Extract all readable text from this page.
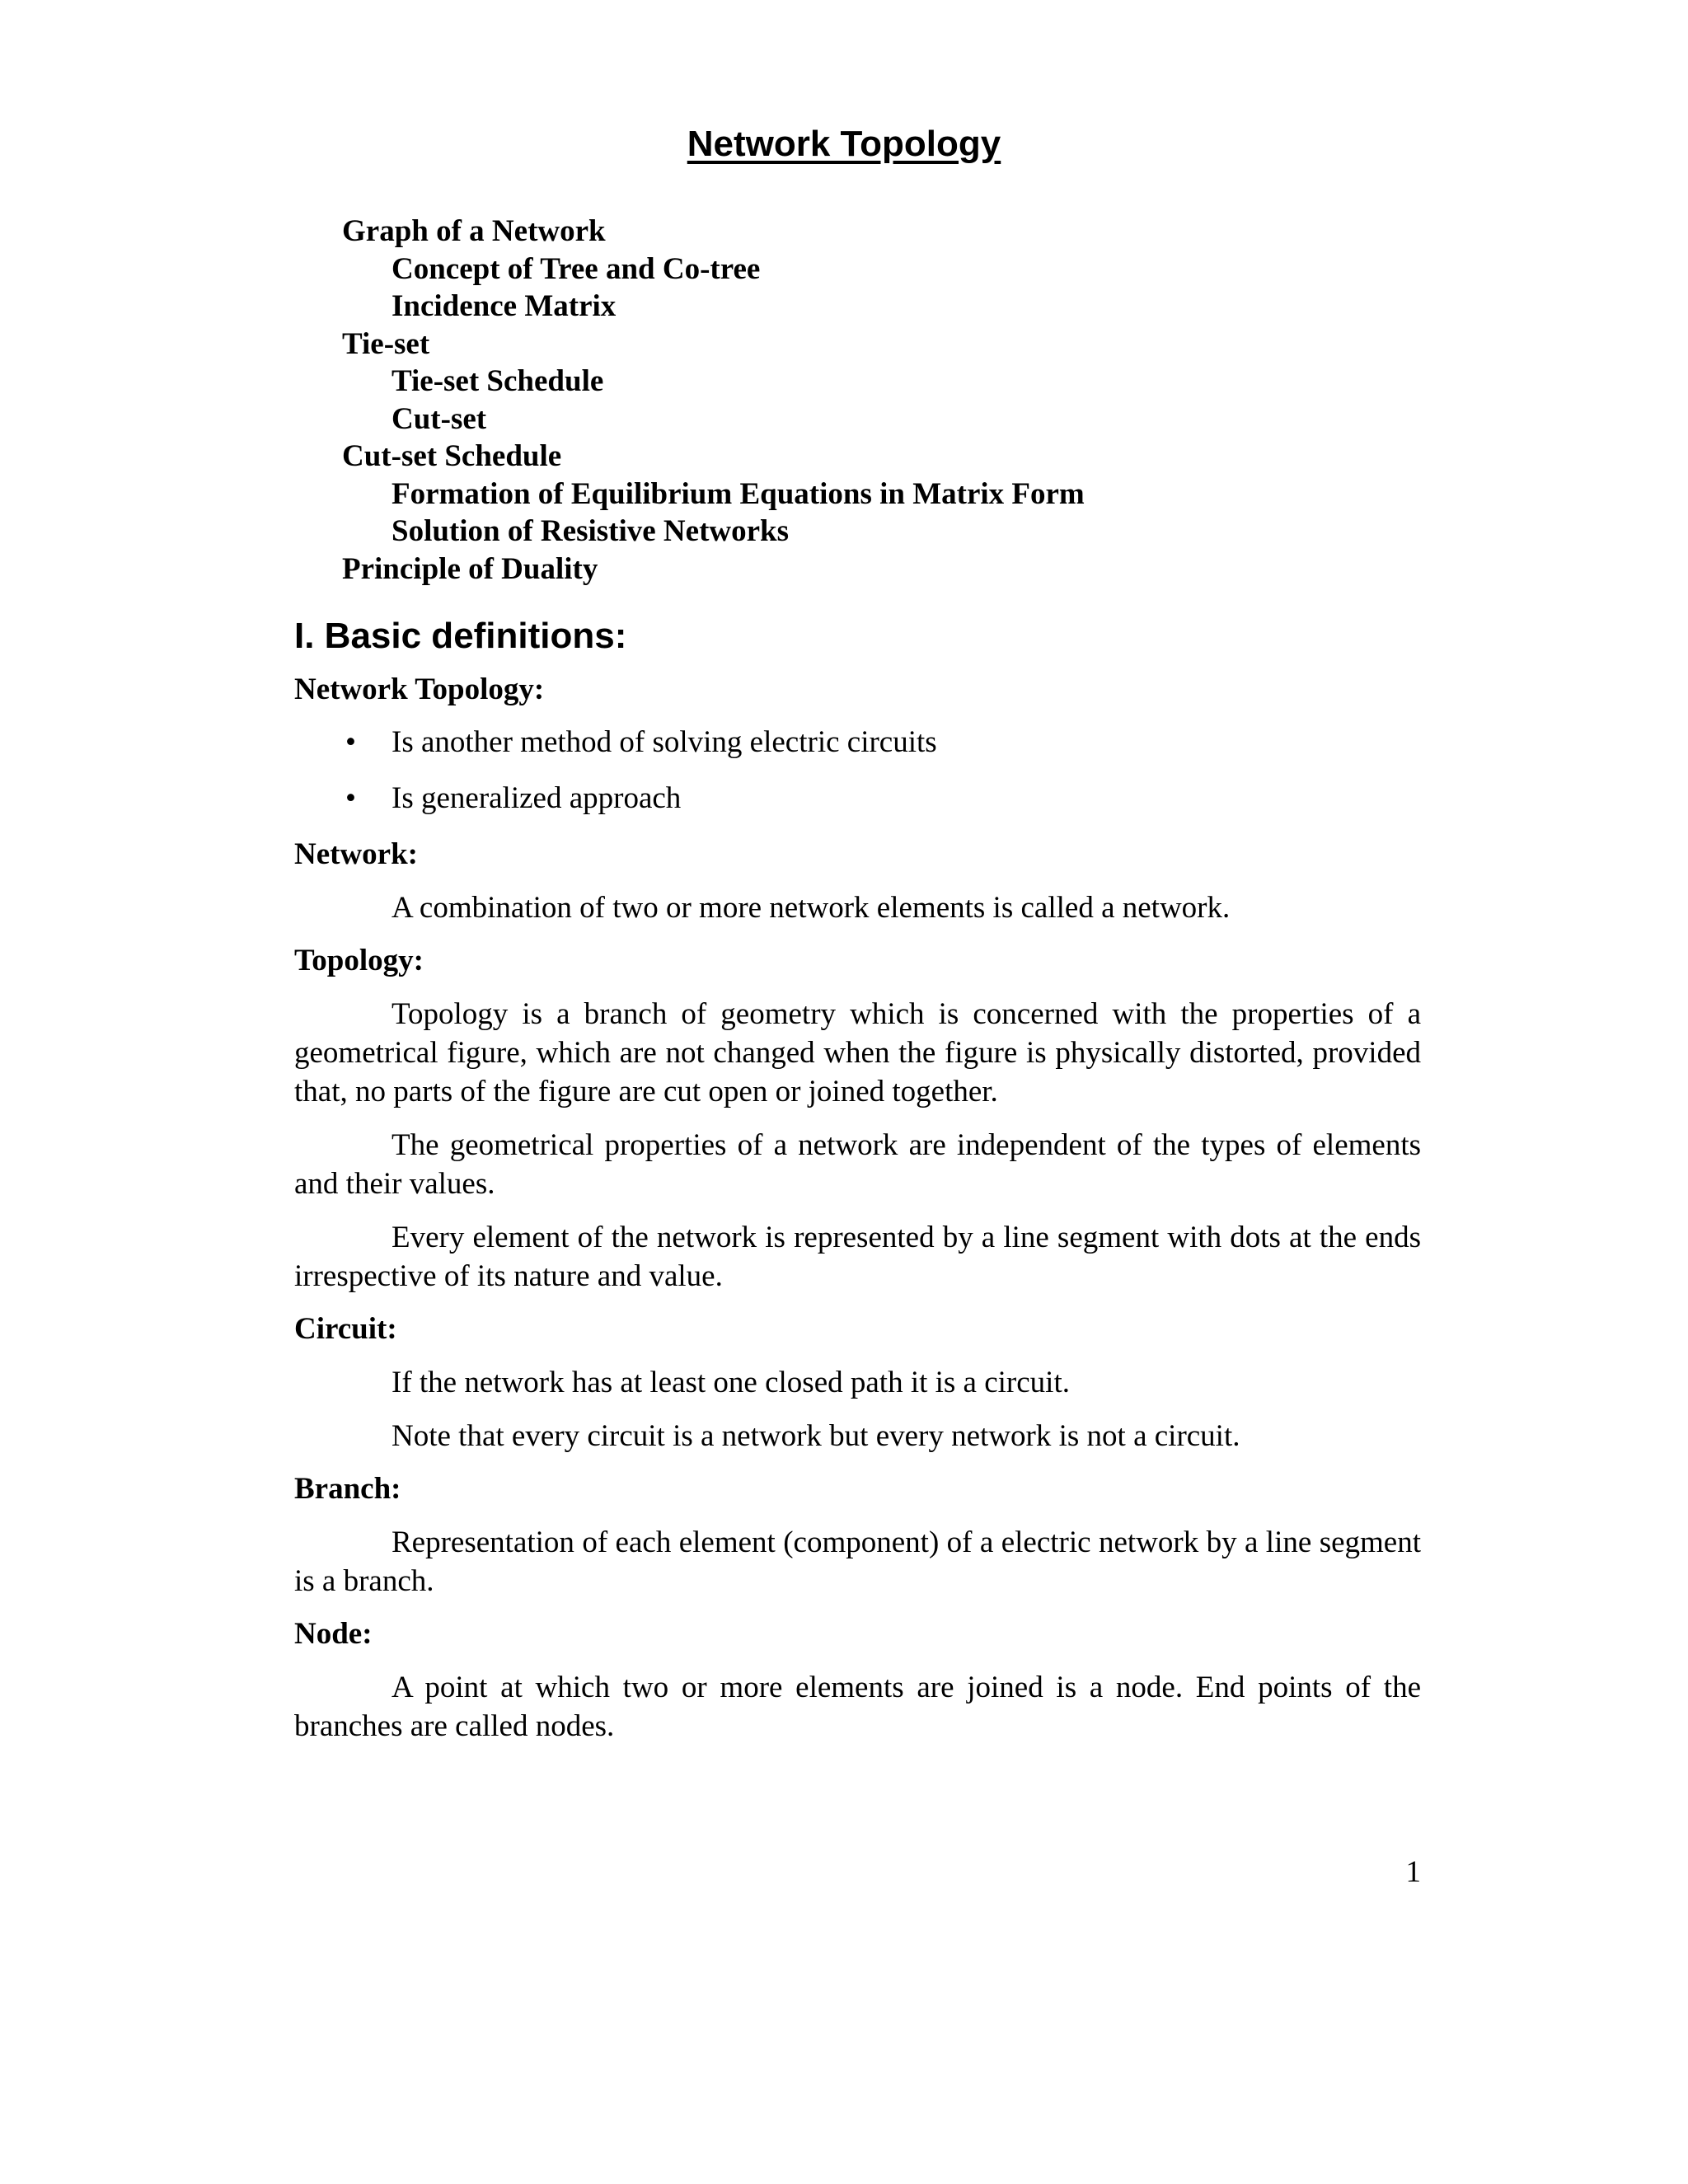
Network Topology
Graph of a Network
Concept of Tree and Co-tree
Incidence Matrix
Tie-set
Tie-set Schedule
Cut-set
Cut-set Schedule
Formation of Equilibrium Equations in Matrix Form
Solution of Resistive Networks
Principle of Duality
I. Basic definitions:
Network Topology:
• Is another method of solving electric circuits
• Is generalized approach
Network:

A combination of two or more network elements is called a network.

Topology:

Topology is a branch of geometry which is concerned with the properties of a geometrical figure, which are not changed when the figure is physically distorted, provided that, no parts of the figure are cut open or joined together.

The geometrical properties of a network are independent of the types of elements and their values.

Every element of the network is represented by a line segment with dots at the ends irrespective of its nature and value.

Circuit:

If the network has at least one closed path it is a circuit.

Note that every circuit is a network but every network is not a circuit.

Branch:

Representation of each element (component) of a electric network by a line segment is a branch.

Node:

A point at which two or more elements are joined is a node. End points of the branches are called nodes.

1
